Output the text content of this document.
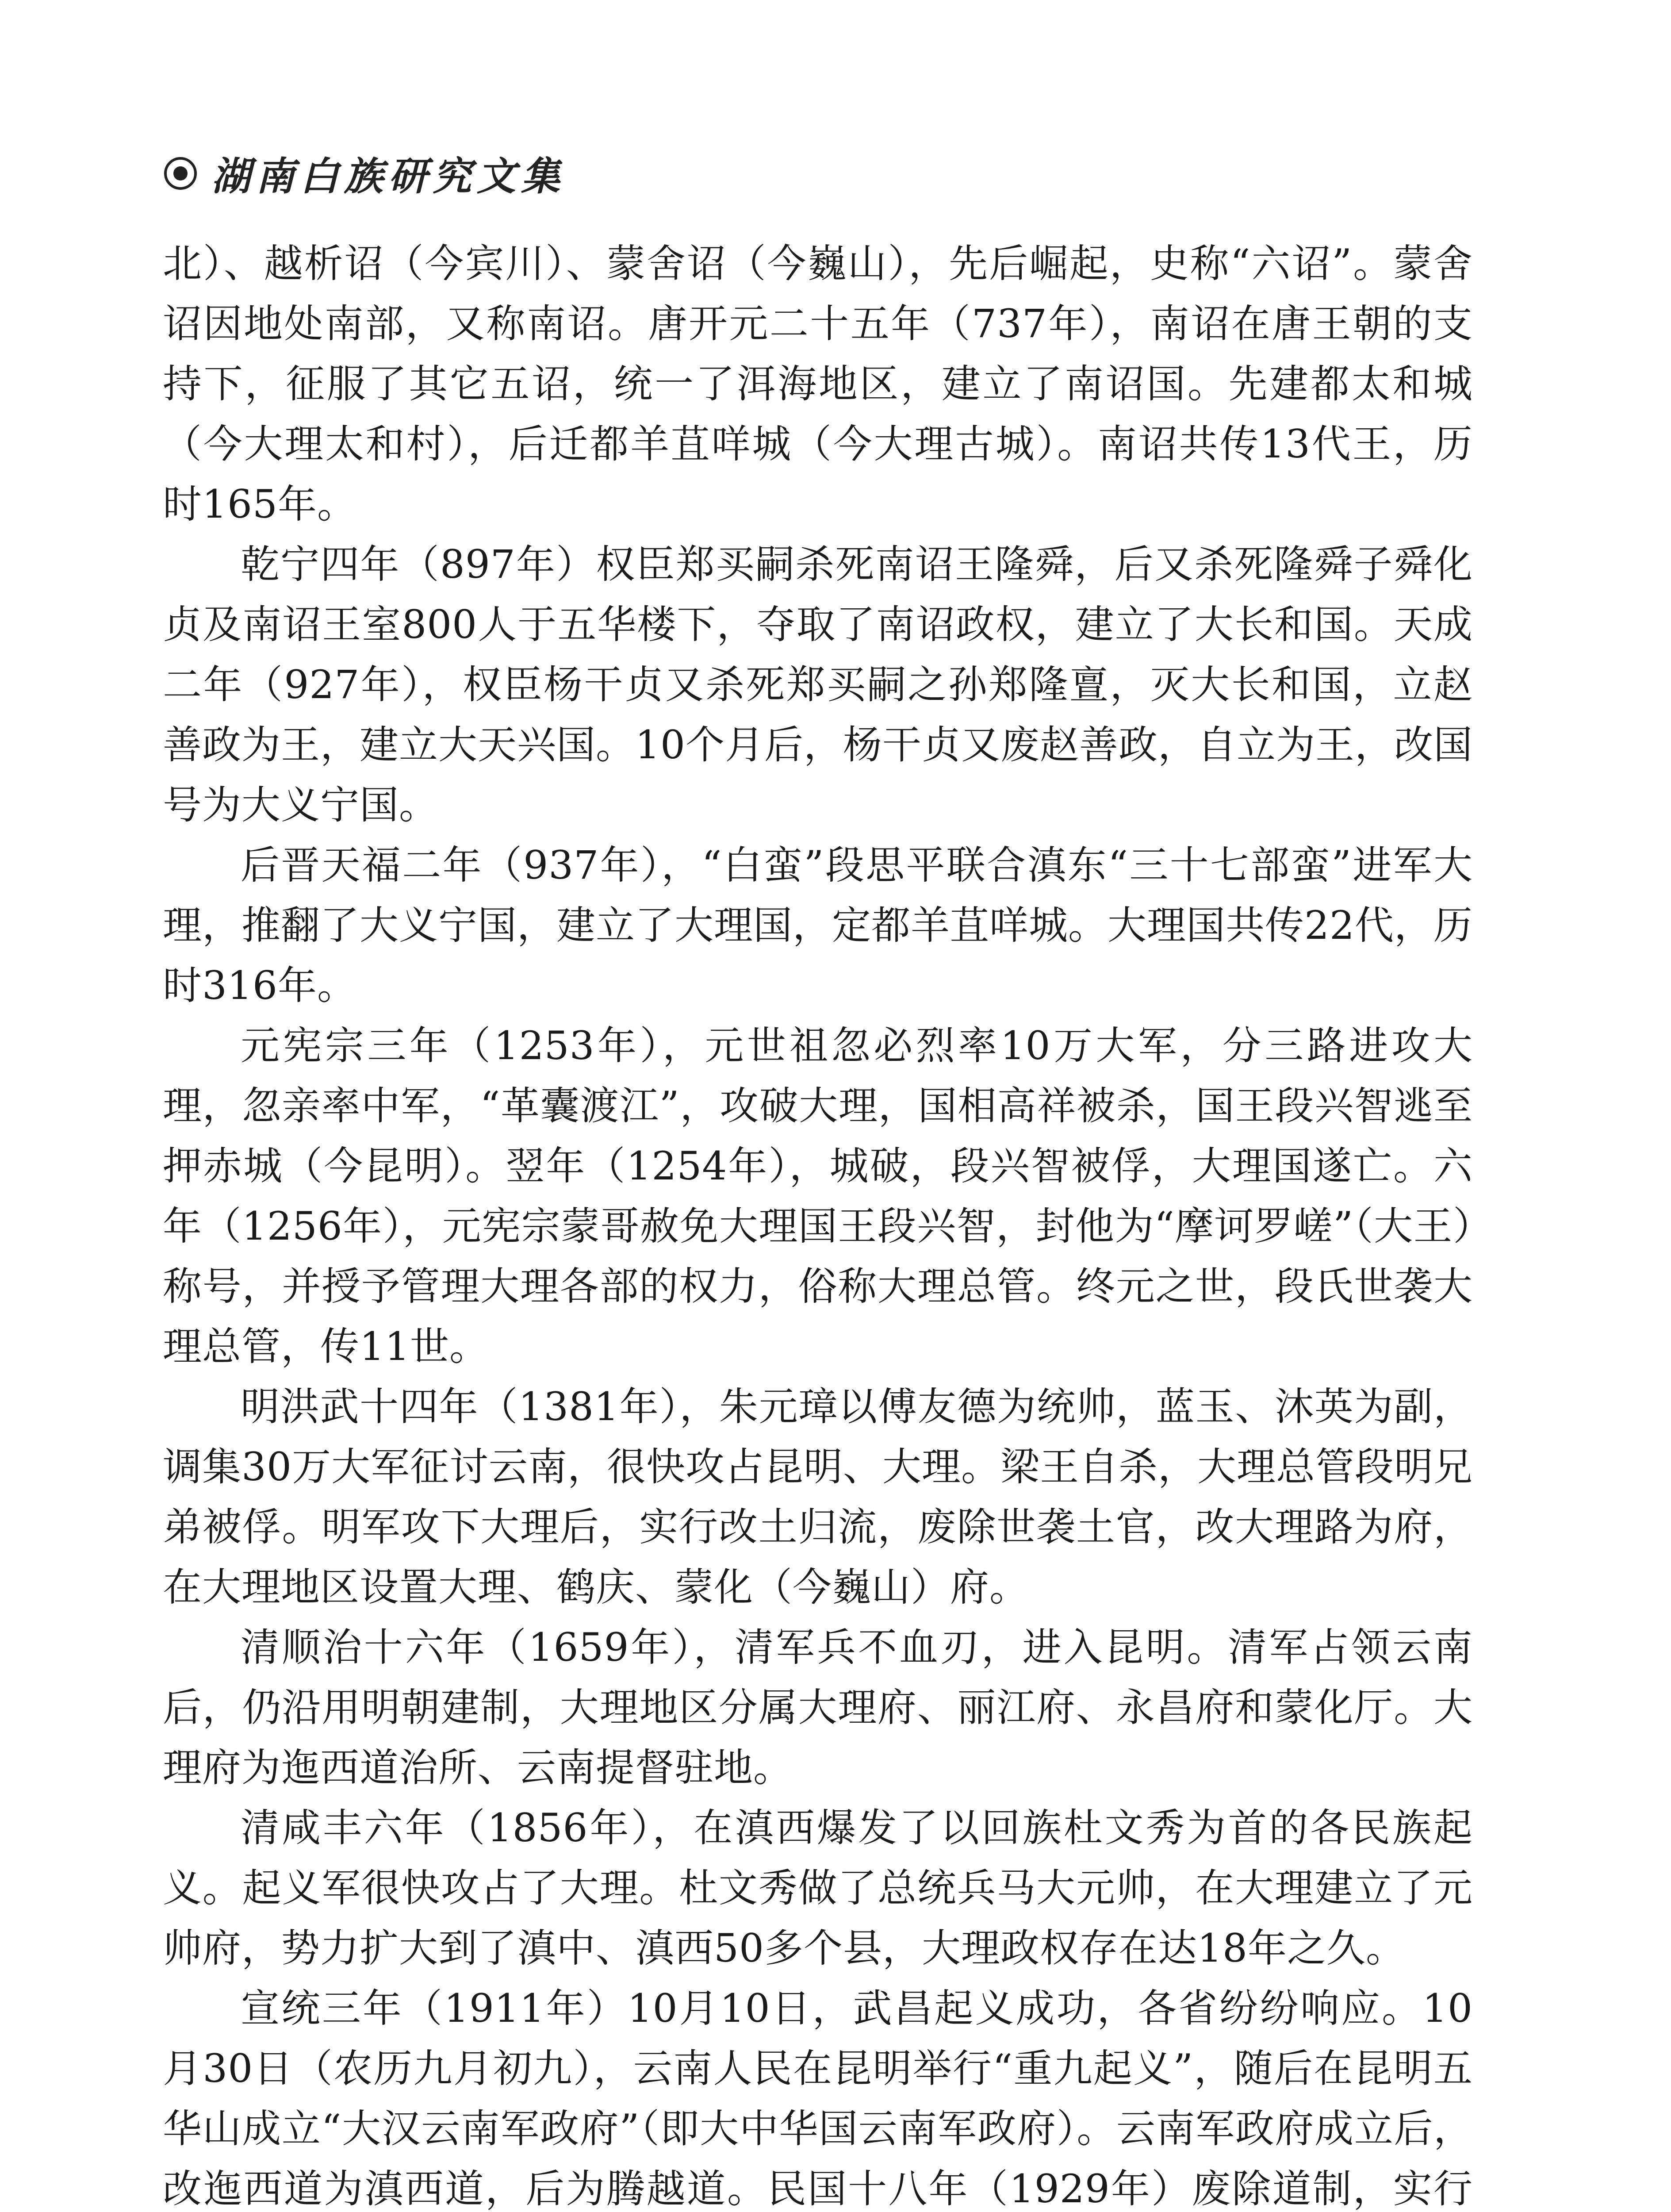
湖南白族研究文集

北）、越析诏（今宾川）、蒙舍诏（今巍山），先后崛起，史称“六诏”。蒙舍诏因地处南部，又称南诏。唐开元二十五年（737年），南诏在唐王朝的支持下，征服了其它五诏，统一了洱海地区，建立了南诏国。先建都太和城（今大理太和村），后迁都羊苴咩城（今大理古城）。南诏共传13代王，历时165年。

乾宁四年（897年）权臣郑买嗣杀死南诏王隆舜，后又杀死隆舜子舜化贞及南诏王室800人于五华楼下，夺取了南诏政权，建立了大长和国。天成二年（927年），权臣杨干贞又杀死郑买嗣之孙郑隆亶，灭大长和国，立赵善政为王，建立大天兴国。10个月后，杨干贞又废赵善政，自立为王，改国号为大义宁国。

后晋天福二年（937年），“白蛮”段思平联合滇东“三十七部蛮”进军大理，推翻了大义宁国，建立了大理国，定都羊苴咩城。大理国共传22代，历时316年。

元宪宗三年（1253年），元世祖忽必烈率10万大军，分三路进攻大理，忽亲率中军，“革囊渡江”，攻破大理，国相高祥被杀，国王段兴智逃至押赤城（今昆明）。翌年（1254年），城破，段兴智被俘，大理国遂亡。六年（1256年），元宪宗蒙哥赦免大理国王段兴智，封他为“摩诃罗嵯”（大王）称号，并授予管理大理各部的权力，俗称大理总管。终元之世，段氏世袭大理总管，传11世。

明洪武十四年（1381年），朱元璋以傅友德为统帅，蓝玉、沐英为副，调集30万大军征讨云南，很快攻占昆明、大理。梁王自杀，大理总管段明兄弟被俘。明军攻下大理后，实行改土归流，废除世袭土官，改大理路为府，在大理地区设置大理、鹤庆、蒙化（今巍山）府。

清顺治十六年（1659年），清军兵不血刃，进入昆明。清军占领云南后，仍沿用明朝建制，大理地区分属大理府、丽江府、永昌府和蒙化厅。大理府为迤西道治所、云南提督驻地。

清咸丰六年（1856年），在滇西爆发了以回族杜文秀为首的各民族起义。起义军很快攻占了大理。杜文秀做了总统兵马大元帅，在大理建立了元帅府，势力扩大到了滇中、滇西50多个县，大理政权存在达18年之久。

宣统三年（1911年）10月10日，武昌起义成功，各省纷纷响应。10月30日（农历九月初九），云南人民在昆明举行“重九起义”，随后在昆明五华山成立“大汉云南军政府”（即大中华国云南军政府）。云南军政府成立后，改迤西道为滇西道，后为腾越道。民国十八年（1929年）废除道制，实行
